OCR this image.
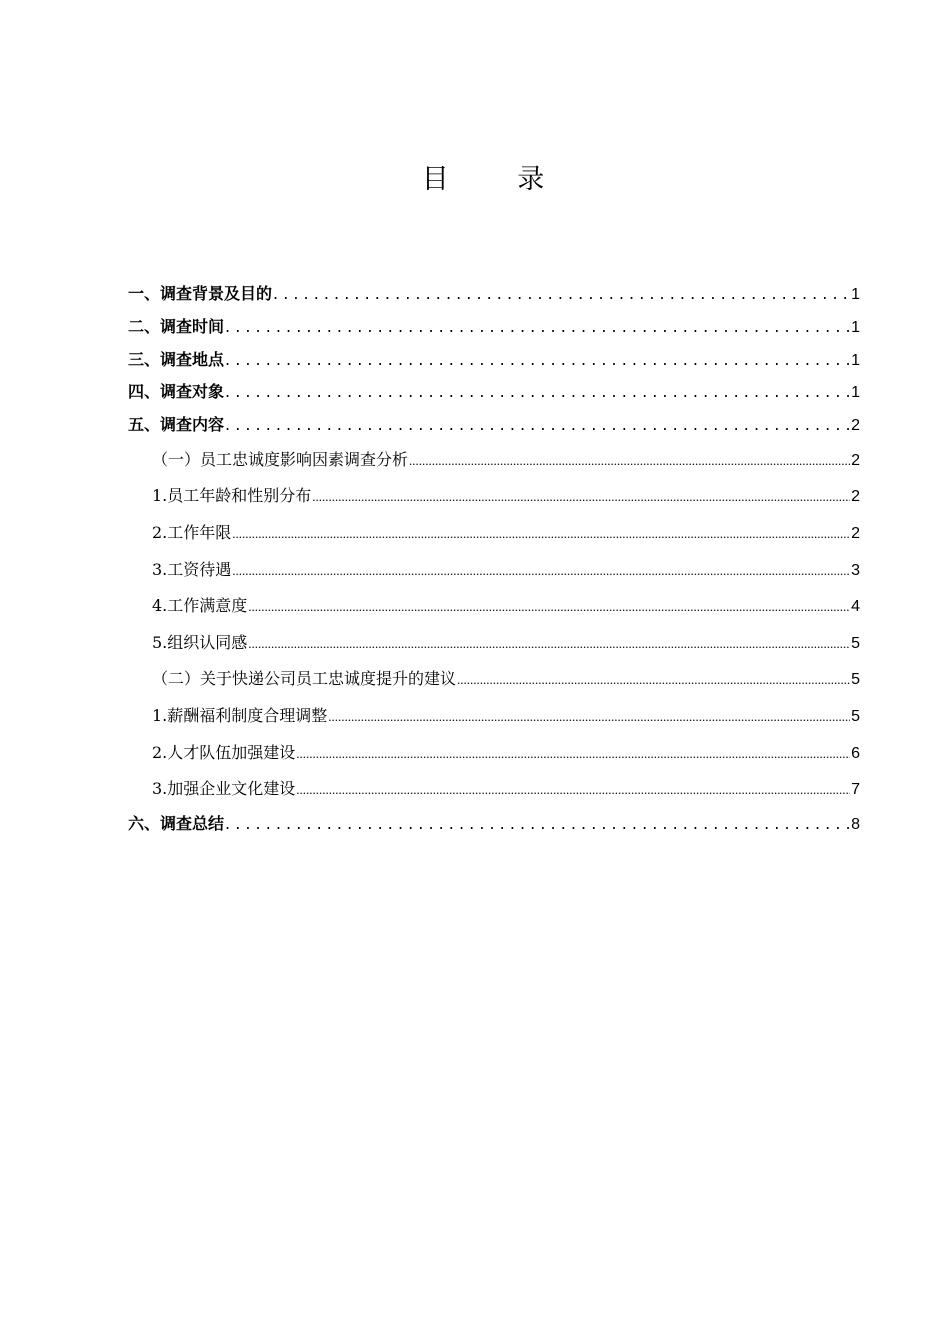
目 录
一、调查背景及目的 . . .	1
二、调查时间 . . .	1
三、调查地点 . . .	1
四、调查对象 . . .	1
五、调查内容 . . .	2
（一）员工忠诚度影响因素调查分析 .....	2
1.员工年龄和性别分布 .....	2
2.工作年限 .....	2
3.工资待遇 .....	3
4.工作满意度 .....	4
5.组织认同感 .....	5
（二）关于快递公司员工忠诚度提升的建议 .....	5
1.薪酬福利制度合理调整 .....	5
2.人才队伍加强建设 .....	6
3.加强企业文化建设 .....	7
六、调查总结 . . .	8
